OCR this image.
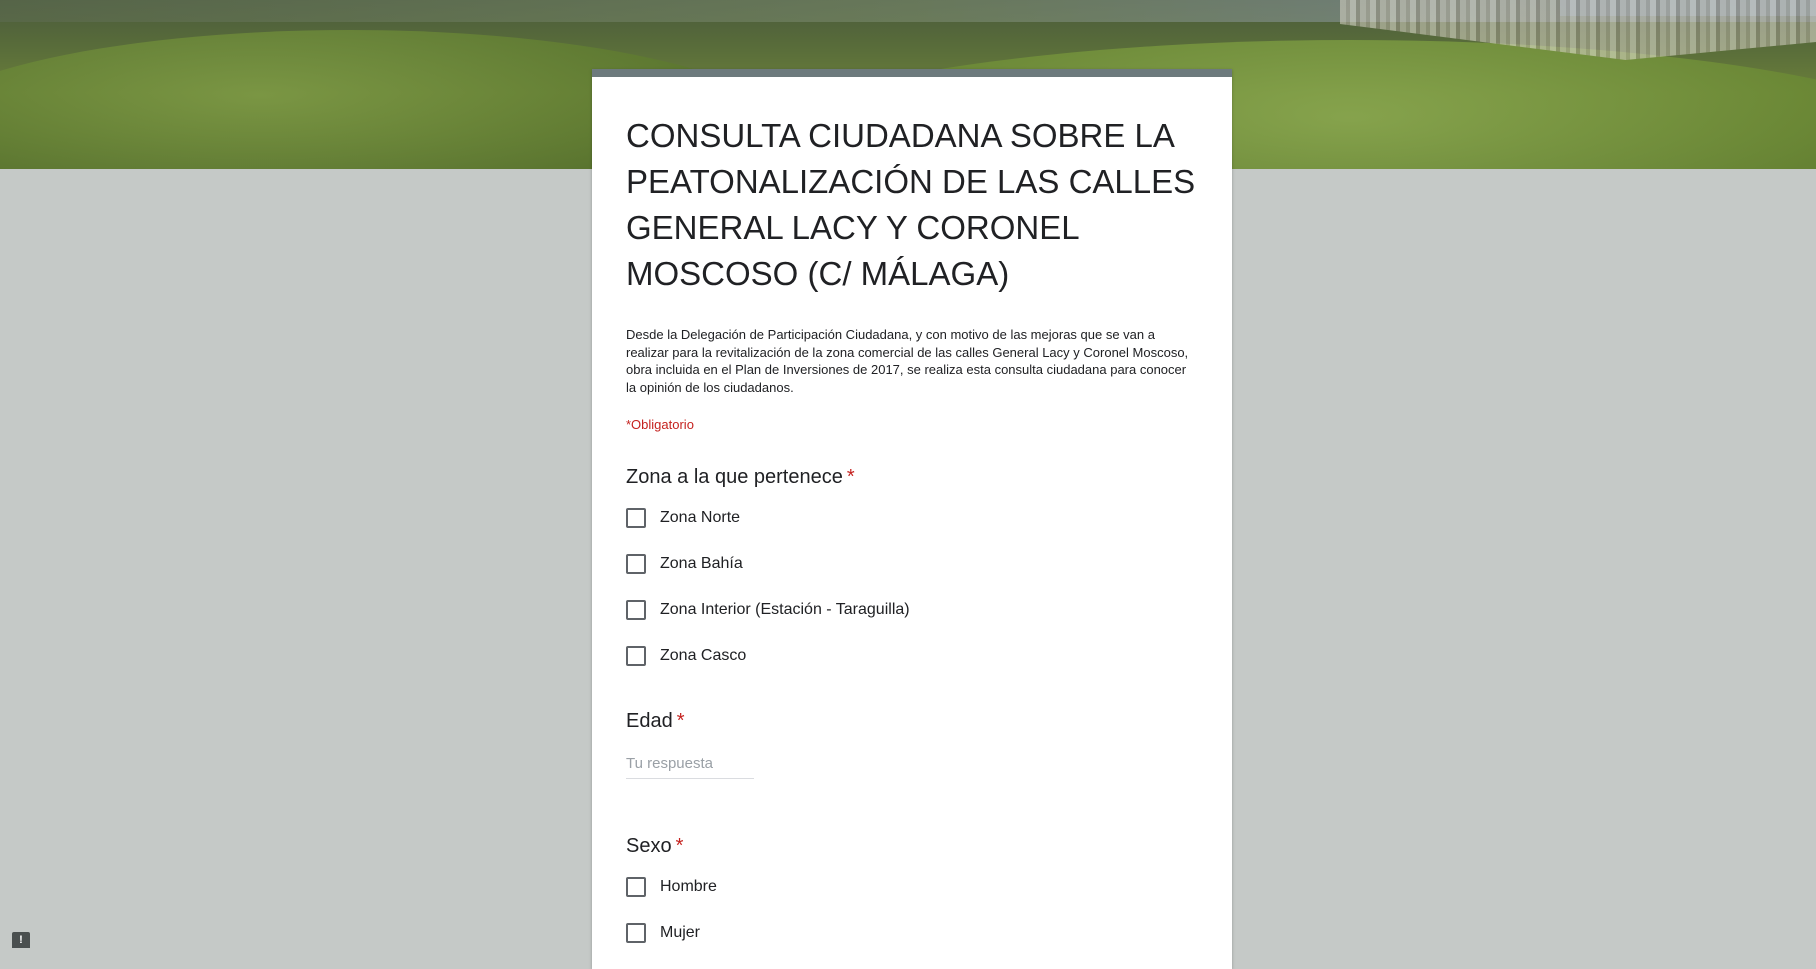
CONSULTA CIUDADANA SOBRE LA PEATONALIZACIÓN DE LAS CALLES GENERAL LACY Y CORONEL MOSCOSO (C/ MÁLAGA)
Desde la Delegación de Participación Ciudadana, y con motivo de las mejoras que se van a realizar para la revitalización de la zona comercial de las calles General Lacy y Coronel Moscoso, obra incluida en el Plan de Inversiones de 2017, se realiza esta consulta ciudadana para conocer la opinión de los ciudadanos.
*Obligatorio
Zona a la que pertenece *
Zona Norte
Zona Bahía
Zona Interior (Estación - Taraguilla)
Zona Casco
Edad *
Tu respuesta
Sexo *
Hombre
Mujer
!
